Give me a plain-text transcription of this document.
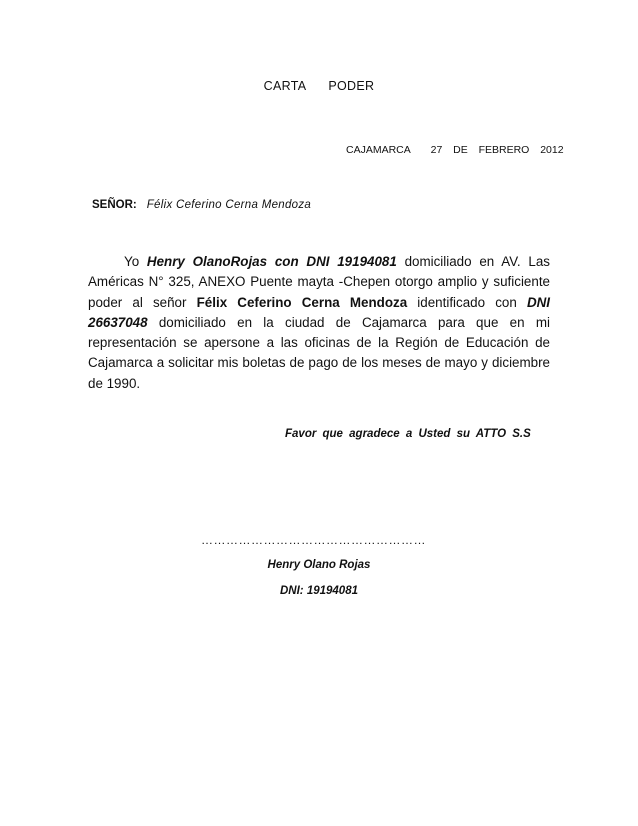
CARTA PODER
CAJAMARCA 27 DE FEBRERO 2012
SEÑOR: Félix Ceferino Cerna Mendoza
Yo Henry OlanoRojas con DNI 19194081 domiciliado en AV. Las Américas N° 325, ANEXO Puente mayta -Chepen otorgo amplio y suficiente poder al señor Félix Ceferino Cerna Mendoza identificado con DNI 26637048 domiciliado en la ciudad de Cajamarca para que en mi representación se apersone a las oficinas de la Región de Educación de Cajamarca a solicitar mis boletas de pago de los meses de mayo y diciembre de 1990.
Favor que agradece a Usted su ATTO S.S
………………………………………………
Henry Olano Rojas
DNI: 19194081
